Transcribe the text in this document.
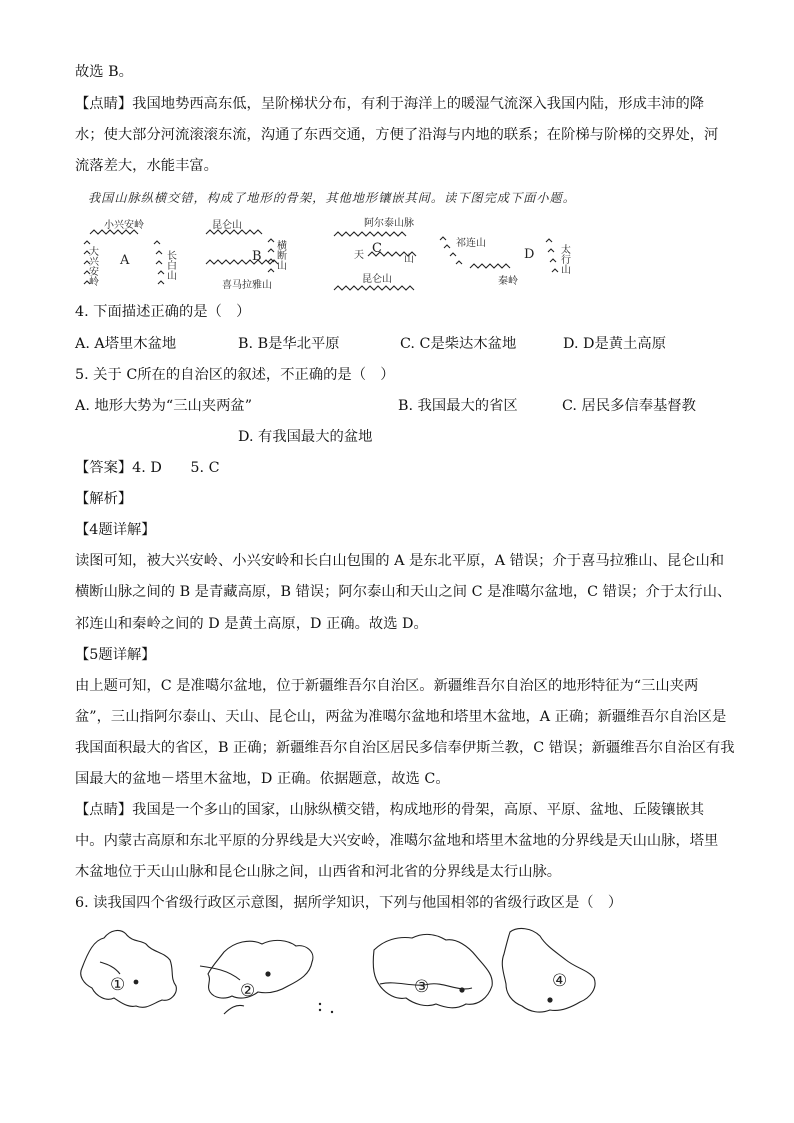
故选 B。
【点睛】我国地势西高东低，呈阶梯状分布，有利于海洋上的暖湿气流深入我国内陆，形成丰沛的降
水；使大部分河流滚滚东流，沟通了东西交通，方便了沿海与内地的联系；在阶梯与阶梯的交界处，河
流落差大，水能丰富。
我国山脉纵横交错，构成了地形的骨架，其他地形镶嵌其间。读下图完成下面小题。
小兴安岭
大兴安岭 A	长白山
昆仑山
B 横断山
喜马拉雅山
阿尔泰山脉
天 C
山
昆仑山
祁连山
D 太行山
秦岭
4. 下面描述正确的是（　）
A. A塔里木盆地	B. B是华北平原	C. C是柴达木盆地	D. D是黄土高原
5. 关于 C所在的自治区的叙述，不正确的是（　）
A. 地形大势为“三山夹两盆”	B. 我国最大的省区	C. 居民多信奉基督教
D. 有我国最大的盆地
【答案】4. D　　5. C
【解析】
【4题详解】
读图可知，被大兴安岭、小兴安岭和长白山包围的 A 是东北平原，A 错误；介于喜马拉雅山、昆仑山和
横断山脉之间的 B 是青藏高原，B 错误；阿尔泰山和天山之间 C 是准噶尔盆地，C 错误；介于太行山、
祁连山和秦岭之间的 D 是黄土高原，D 正确。故选 D。
【5题详解】
由上题可知，C 是准噶尔盆地，位于新疆维吾尔自治区。新疆维吾尔自治区的地形特征为“三山夹两
盆”，三山指阿尔泰山、天山、昆仑山，两盆为准噶尔盆地和塔里木盆地，A 正确；新疆维吾尔自治区是
我国面积最大的省区，B 正确；新疆维吾尔自治区居民多信奉伊斯兰教，C 错误；新疆维吾尔自治区有我
国最大的盆地－塔里木盆地，D 正确。依据题意，故选 C。
【点睛】我国是一个多山的国家，山脉纵横交错，构成地形的骨架，高原、平原、盆地、丘陵镶嵌其
中。内蒙古高原和东北平原的分界线是大兴安岭，准噶尔盆地和塔里木盆地的分界线是天山山脉，塔里
木盆地位于天山山脉和昆仑山脉之间，山西省和河北省的分界线是太行山脉。
6. 读我国四个省级行政区示意图，据所学知识，下列与他国相邻的省级行政区是（　）
①	②	③	④
